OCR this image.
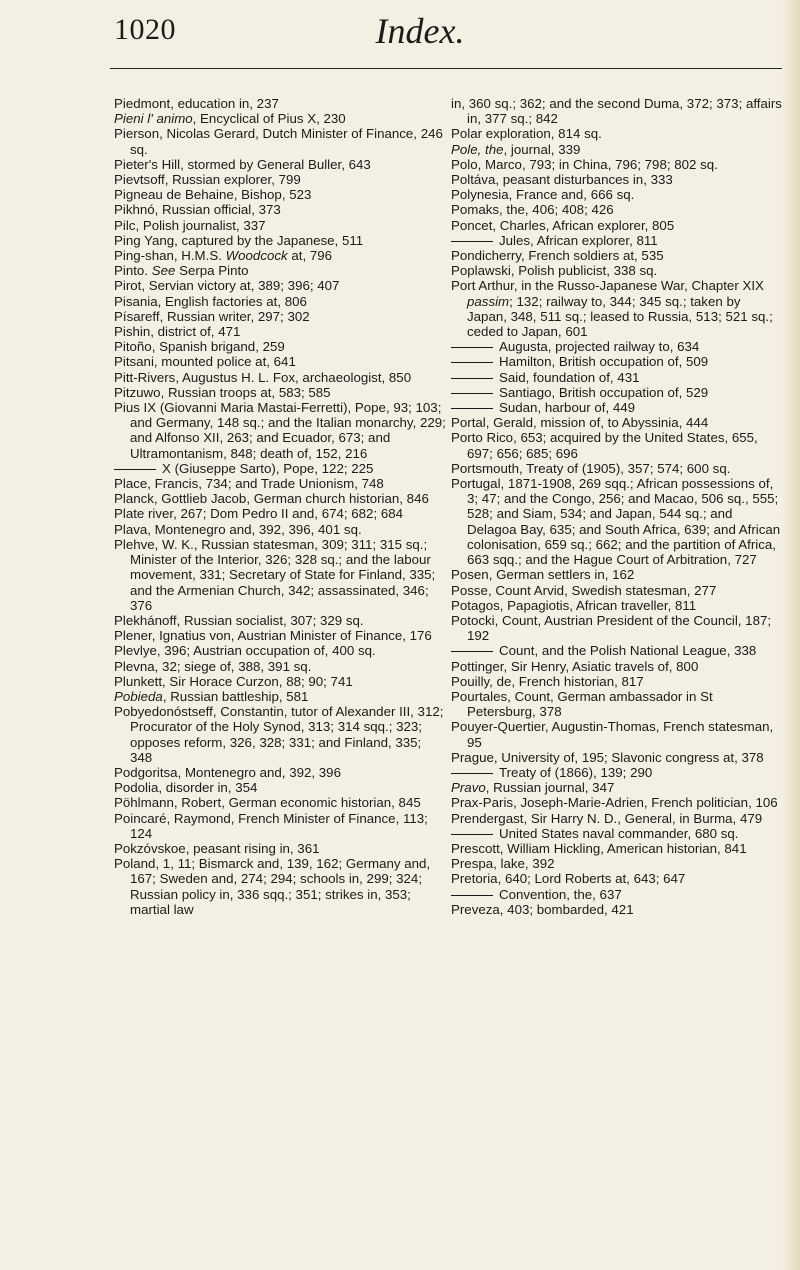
1020	Index.

Piedmont, education in, 237

Pieni l' animo, Encyclical of Pius X, 230

Pierson, Nicolas Gerard, Dutch Minister of Finance, 246 sq.

Pieter's Hill, stormed by General Buller, 643

Pievtsoff, Russian explorer, 799

Pigneau de Behaine, Bishop, 523

Pikhnó, Russian official, 373

Pilc, Polish journalist, 337

Ping Yang, captured by the Japanese, 511

Ping-shan, H.M.S. Woodcock at, 796

Pinto. See Serpa Pinto

Pirot, Servian victory at, 389; 396; 407

Pisania, English factories at, 806

Písareff, Russian writer, 297; 302

Pishin, district of, 471

Pitoño, Spanish brigand, 259

Pitsani, mounted police at, 641

Pitt-Rivers, Augustus H. L. Fox, archaeologist, 850

Pitzuwo, Russian troops at, 583; 585

Pius IX (Giovanni Maria Mastai-Ferretti), Pope, 93; 103; and Germany, 148 sq.; and the Italian monarchy, 229; and Alfonso XII, 263; and Ecuador, 673; and Ultramontanism, 848; death of, 152, 216

X (Giuseppe Sarto), Pope, 122; 225

Place, Francis, 734; and Trade Unionism, 748

Planck, Gottlieb Jacob, German church historian, 846

Plate river, 267; Dom Pedro II and, 674; 682; 684

Plava, Montenegro and, 392, 396, 401 sq.

Plehve, W. K., Russian statesman, 309; 311; 315 sq.; Minister of the Interior, 326; 328 sq.; and the labour movement, 331; Secretary of State for Finland, 335; and the Armenian Church, 342; assassinated, 346; 376

Plekhánoff, Russian socialist, 307; 329 sq.

Plener, Ignatius von, Austrian Minister of Finance, 176

Plevlye, 396; Austrian occupation of, 400 sq.

Plevna, 32; siege of, 388, 391 sq.

Plunkett, Sir Horace Curzon, 88; 90; 741

Pobieda, Russian battleship, 581

Pobyedonóstseff, Constantin, tutor of Alexander III, 312; Procurator of the Holy Synod, 313; 314 sqq.; 323; opposes reform, 326, 328; 331; and Finland, 335; 348

Podgoritsa, Montenegro and, 392, 396

Podolia, disorder in, 354

Pöhlmann, Robert, German economic historian, 845

Poincaré, Raymond, French Minister of Finance, 113; 124

Pokzóvskoe, peasant rising in, 361

Poland, 1, 11; Bismarck and, 139, 162; Germany and, 167; Sweden and, 274; 294; schools in, 299; 324; Russian policy in, 336 sqq.; 351; strikes in, 353; martial law

in, 360 sq.; 362; and the second Duma, 372; 373; affairs in, 377 sq.; 842

Polar exploration, 814 sq.

Pole, the, journal, 339

Polo, Marco, 793; in China, 796; 798; 802 sq.

Poltáva, peasant disturbances in, 333

Polynesia, France and, 666 sq.

Pomaks, the, 406; 408; 426

Poncet, Charles, African explorer, 805

Jules, African explorer, 811

Pondicherry, French soldiers at, 535

Poplawski, Polish publicist, 338 sq.

Port Arthur, in the Russo-Japanese War, Chapter XIX passim; 132; railway to, 344; 345 sq.; taken by Japan, 348, 511 sq.; leased to Russia, 513; 521 sq.; ceded to Japan, 601

Augusta, projected railway to, 634

Hamilton, British occupation of, 509

Said, foundation of, 431

Santiago, British occupation of, 529

Sudan, harbour of, 449

Portal, Gerald, mission of, to Abyssinia, 444

Porto Rico, 653; acquired by the United States, 655, 697; 656; 685; 696

Portsmouth, Treaty of (1905), 357; 574; 600 sq.

Portugal, 1871-1908, 269 sqq.; African possessions of, 3; 47; and the Congo, 256; and Macao, 506 sq., 555; 528; and Siam, 534; and Japan, 544 sq.; and Delagoa Bay, 635; and South Africa, 639; and African colonisation, 659 sq.; 662; and the partition of Africa, 663 sqq.; and the Hague Court of Arbitration, 727

Posen, German settlers in, 162

Posse, Count Arvid, Swedish statesman, 277

Potagos, Papagiotis, African traveller, 811

Potocki, Count, Austrian President of the Council, 187; 192

Count, and the Polish National League, 338

Pottinger, Sir Henry, Asiatic travels of, 800

Pouilly, de, French historian, 817

Pourtales, Count, German ambassador in St Petersburg, 378

Pouyer-Quertier, Augustin-Thomas, French statesman, 95

Prague, University of, 195; Slavonic congress at, 378

Treaty of (1866), 139; 290

Pravo, Russian journal, 347

Prax-Paris, Joseph-Marie-Adrien, French politician, 106

Prendergast, Sir Harry N. D., General, in Burma, 479

United States naval commander, 680 sq.

Prescott, William Hickling, American historian, 841

Prespa, lake, 392

Pretoria, 640; Lord Roberts at, 643; 647

Convention, the, 637

Preveza, 403; bombarded, 421
